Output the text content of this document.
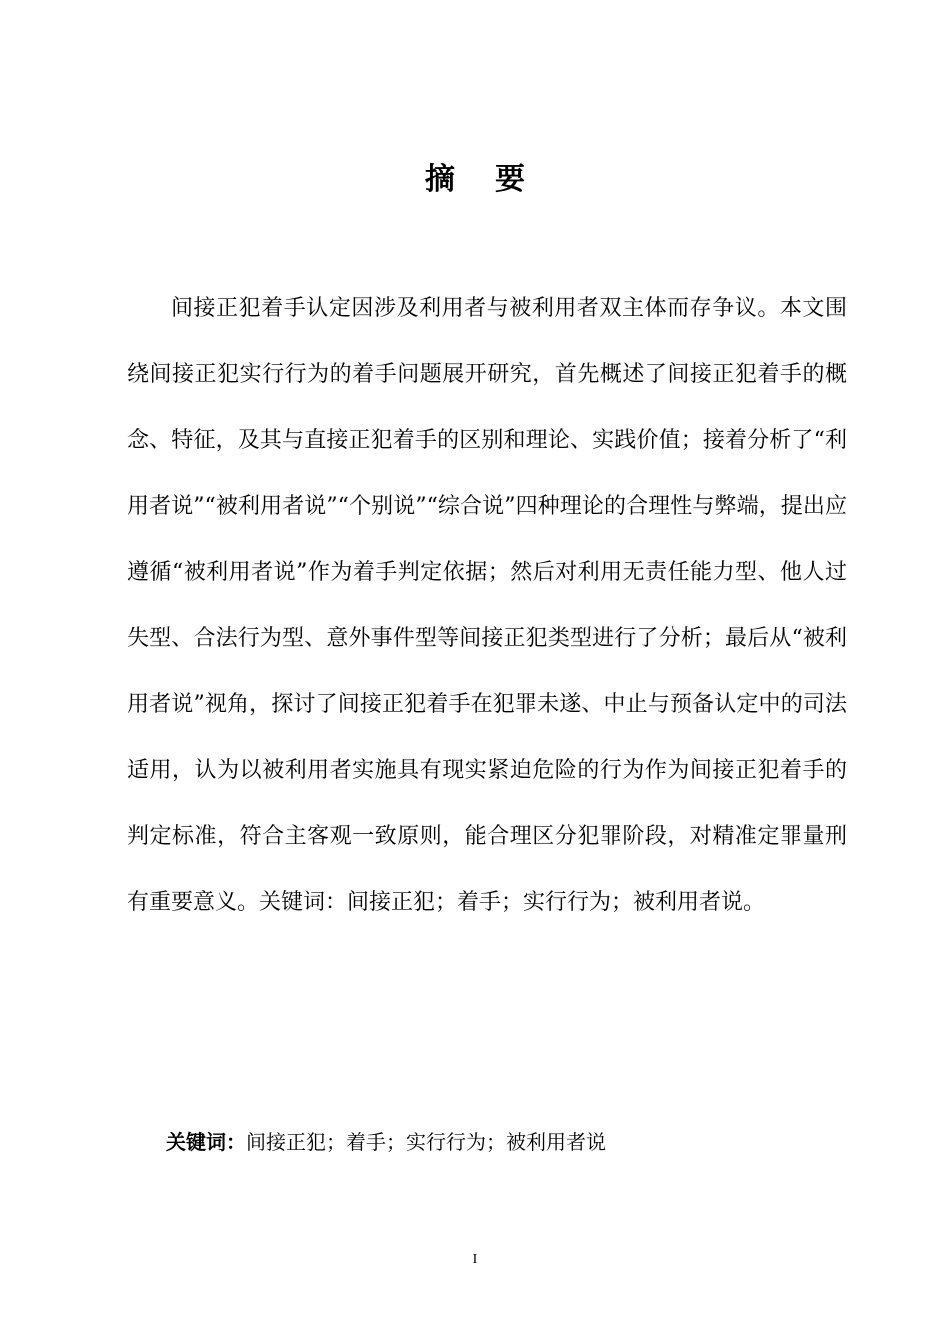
摘要

间接正犯着手认定因涉及利用者与被利用者双主体而存争议。本文围绕间接正犯实行行为的着手问题展开研究，首先概述了间接正犯着手的概念、特征，及其与直接正犯着手的区别和理论、实践价值；接着分析了“利用者说”“被利用者说”“个别说”“综合说”四种理论的合理性与弊端，提出应遵循“被利用者说”作为着手判定依据；然后对利用无责任能力型、他人过失型、合法行为型、意外事件型等间接正犯类型进行了分析；最后从“被利用者说”视角，探讨了间接正犯着手在犯罪未遂、中止与预备认定中的司法适用，认为以被利用者实施具有现实紧迫危险的行为作为间接正犯着手的判定标准，符合主客观一致原则，能合理区分犯罪阶段，对精准定罪量刑有重要意义。关键词：间接正犯；着手；实行行为；被利用者说。

关键词：间接正犯；着手；实行行为；被利用者说

I
